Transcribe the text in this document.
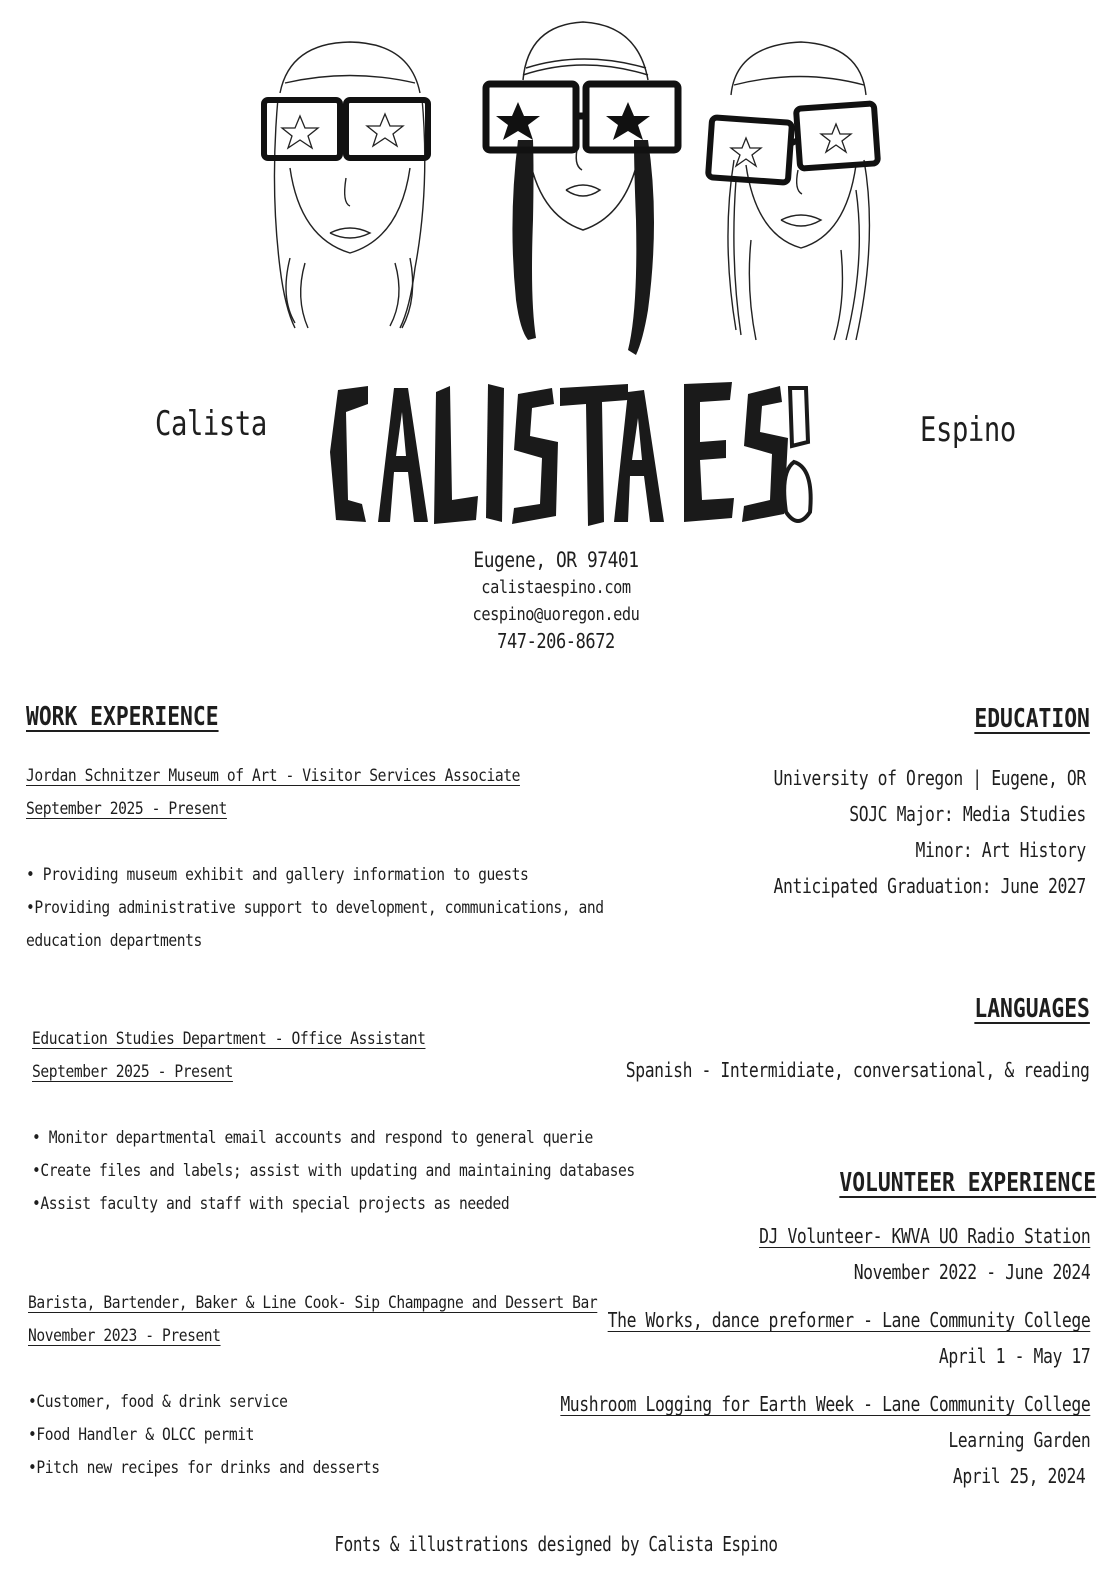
Calista	Espino
Eugene, OR 97401
calistaespino.com
cespino@uoregon.edu
747-206-8672
WORK EXPERIENCE
Jordan Schnitzer Museum of Art - Visitor Services Associate
September 2025 - Present
• Providing museum exhibit and gallery information to guests
•Providing administrative support to development, communications, and
education departments
Education Studies Department - Office Assistant
September 2025 - Present
• Monitor departmental email accounts and respond to general querie
•Create files and labels; assist with updating and maintaining databases
•Assist faculty and staff with special projects as needed
Barista, Bartender, Baker & Line Cook- Sip Champagne and Dessert Bar
November 2023 - Present
•Customer, food & drink service
•Food Handler & OLCC permit
•Pitch new recipes for drinks and desserts
EDUCATION
University of Oregon | Eugene, OR
SOJC Major: Media Studies
Minor: Art History
Anticipated Graduation: June 2027
LANGUAGES
Spanish - Intermidiate, conversational, & reading
VOLUNTEER EXPERIENCE
DJ Volunteer- KWVA UO Radio Station
November 2022 - June 2024
The Works, dance preformer - Lane Community College
April 1 - May 17
Mushroom Logging for Earth Week - Lane Community College
Learning Garden
April 25, 2024
Fonts & illustrations designed by Calista Espino
